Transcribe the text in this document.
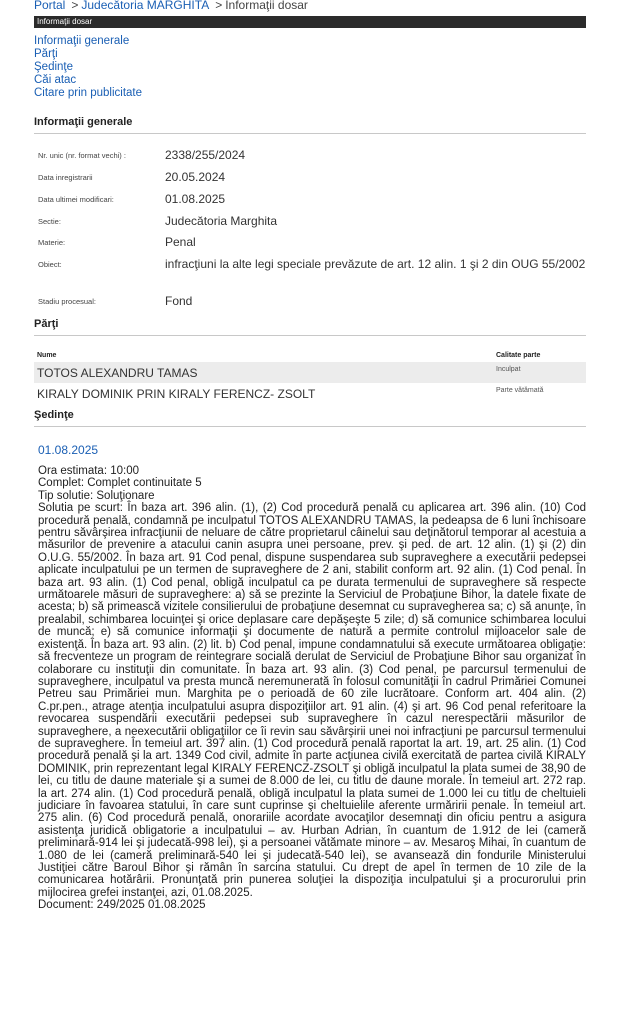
Portal > Judecătoria MARGHITA > Informaţii dosar
Informaţii dosar
Informaţii generale
Părţi
Şedinţe
Căi atac
Citare prin publicitate
Informaţii generale
Nr. unic (nr. format vechi) :	2338/255/2024
Data inregistrarii	20.05.2024
Data ultimei modificari:	01.08.2025
Sectie:	Judecătoria Marghita
Materie:	Penal
Obiect:	infracţiuni la alte legi speciale prevăzute de art. 12 alin. 1 şi 2 din OUG 55/2002
Stadiu procesual:	Fond
Părţi
Nume	Calitate parte
TOTOS ALEXANDRU TAMAS	Inculpat
KIRALY DOMINIK PRIN KIRALY FERENCZ- ZSOLT	Parte vătămată
Şedinţe
01.08.2025
Ora estimata: 10:00
Complet: Complet continuitate 5
Tip solutie: Soluţionare

Solutia pe scurt: În baza art. 396 alin. (1), (2) Cod procedură penală cu aplicarea art. 396 alin. (10) Cod procedură penală, condamnă pe inculpatul TOTOS ALEXANDRU TAMAS, la pedeapsa de 6 luni închisoare pentru săvârşirea infracţiunii de neluare de către proprietarul câinelui sau deţinătorul temporar al acestuia a măsurilor de prevenire a atacului canin asupra unei persoane, prev. şi ped. de art. 12 alin. (1) şi (2) din O.U.G. 55/2002. În baza art. 91 Cod penal, dispune suspendarea sub supraveghere a executării pedepsei aplicate inculpatului pe un termen de supraveghere de 2 ani, stabilit conform art. 92 alin. (1) Cod penal. În baza art. 93 alin. (1) Cod penal, obligă inculpatul ca pe durata termenului de supraveghere să respecte următoarele măsuri de supraveghere: a) să se prezinte la Serviciul de Probaţiune Bihor, la datele fixate de acesta; b) să primească vizitele consilierului de probaţiune desemnat cu supravegherea sa; c) să anunţe, în prealabil, schimbarea locuinţei şi orice deplasare care depăşeşte 5 zile; d) să comunice schimbarea locului de muncă; e) să comunice informaţii şi documente de natură a permite controlul mijloacelor sale de existenţă. În baza art. 93 alin. (2) lit. b) Cod penal, impune condamnatului să execute următoarea obligaţie: să frecventeze un program de reintegrare socială derulat de Serviciul de Probaţiune Bihor sau organizat în colaborare cu instituţii din comunitate. În baza art. 93 alin. (3) Cod penal, pe parcursul termenului de supraveghere, inculpatul va presta muncă neremunerată în folosul comunităţii în cadrul Primăriei Comunei Petreu sau Primăriei mun. Marghita pe o perioadă de 60 zile lucrătoare. Conform art. 404 alin. (2) C.pr.pen., atrage atenţia inculpatului asupra dispoziţiilor art. 91 alin. (4) şi art. 96 Cod penal referitoare la revocarea suspendării executării pedepsei sub supraveghere în cazul nerespectării măsurilor de supraveghere, a neexecutării obligaţiilor ce îi revin sau săvârşirii unei noi infracţiuni pe parcursul termenului de supraveghere. În temeiul art. 397 alin. (1) Cod procedură penală raportat la art. 19, art. 25 alin. (1) Cod procedură penală şi la art. 1349 Cod civil, admite în parte acţiunea civilă exercitată de partea civilă KIRALY DOMINIK, prin reprezentant legal KIRALY FERENCZ-ZSOLT şi obligă inculpatul la plata sumei de 38,90 de lei, cu titlu de daune materiale şi a sumei de 8.000 de lei, cu titlu de daune morale. În temeiul art. 272 rap. la art. 274 alin. (1) Cod procedură penală, obligă inculpatul la plata sumei de 1.000 lei cu titlu de cheltuieli judiciare în favoarea statului, în care sunt cuprinse şi cheltuielile aferente urmăririi penale. În temeiul art. 275 alin. (6) Cod procedură penală, onorariile acordate avocaţilor desemnaţi din oficiu pentru a asigura asistenţa juridică obligatorie a inculpatului – av. Hurban Adrian, în cuantum de 1.912 de lei (cameră preliminară-914 lei şi judecată-998 lei), şi a persoanei vătămate minore – av. Mesaroş Mihai, în cuantum de 1.080 de lei (cameră preliminară-540 lei şi judecată-540 lei), se avansează din fondurile Ministerului Justiţiei către Baroul Bihor şi rămân în sarcina statului. Cu drept de apel în termen de 10 zile de la comunicarea hotărârii. Pronunţată prin punerea soluţiei la dispoziţia inculpatului şi a procurorului prin mijlocirea grefei instanţei, azi, 01.08.2025.

Document: 249/2025 01.08.2025
